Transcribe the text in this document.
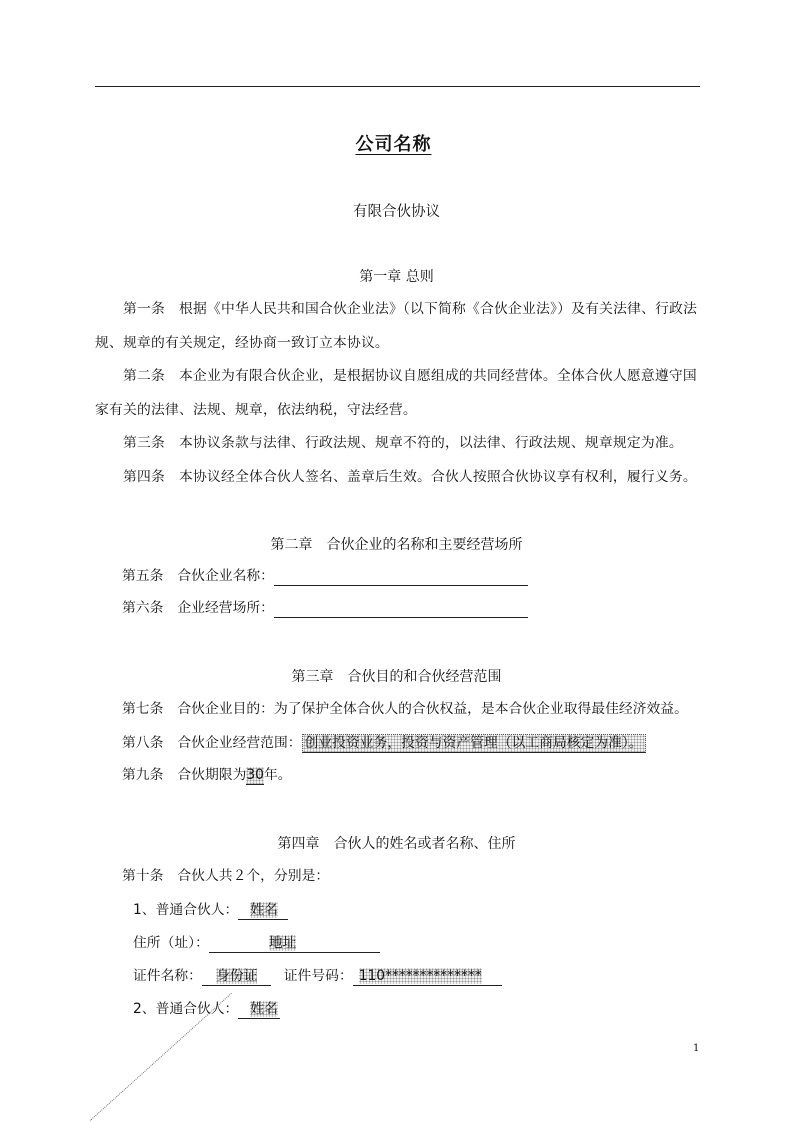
公司名称
有限合伙协议
第一章 总则

第一条 根据《中华人民共和国合伙企业法》（以下简称《合伙企业法》）及有关法律、行政法规、规章的有关规定，经协商一致订立本协议。

第二条 本企业为有限合伙企业，是根据协议自愿组成的共同经营体。全体合伙人愿意遵守国家有关的法律、法规、规章，依法纳税，守法经营。

第三条 本协议条款与法律、行政法规、规章不符的，以法律、行政法规、规章规定为准。

第四条 本协议经全体合伙人签名、盖章后生效。合伙人按照合伙协议享有权利，履行义务。

第二章　合伙企业的名称和主要经营场所
第五条 合伙企业名称：
第六条 企业经营场所：
第三章　合伙目的和合伙经营范围
第七条 合伙企业目的：为了保护全体合伙人的合伙权益，是本合伙企业取得最佳经济效益。
第八条 合伙企业经营范围： 创业投资业务，投资与资产管理（以工商局核定为准）。
第九条 合伙期限为30年。
第四章　合伙人的姓名或者名称、住所
第十条 合伙人共２个，分别是：
1、普通合伙人： 姓名
住所（址）：	地址
证件名称： 身份证 证件号码： 110**************
2、普通合伙人： 姓名
1
